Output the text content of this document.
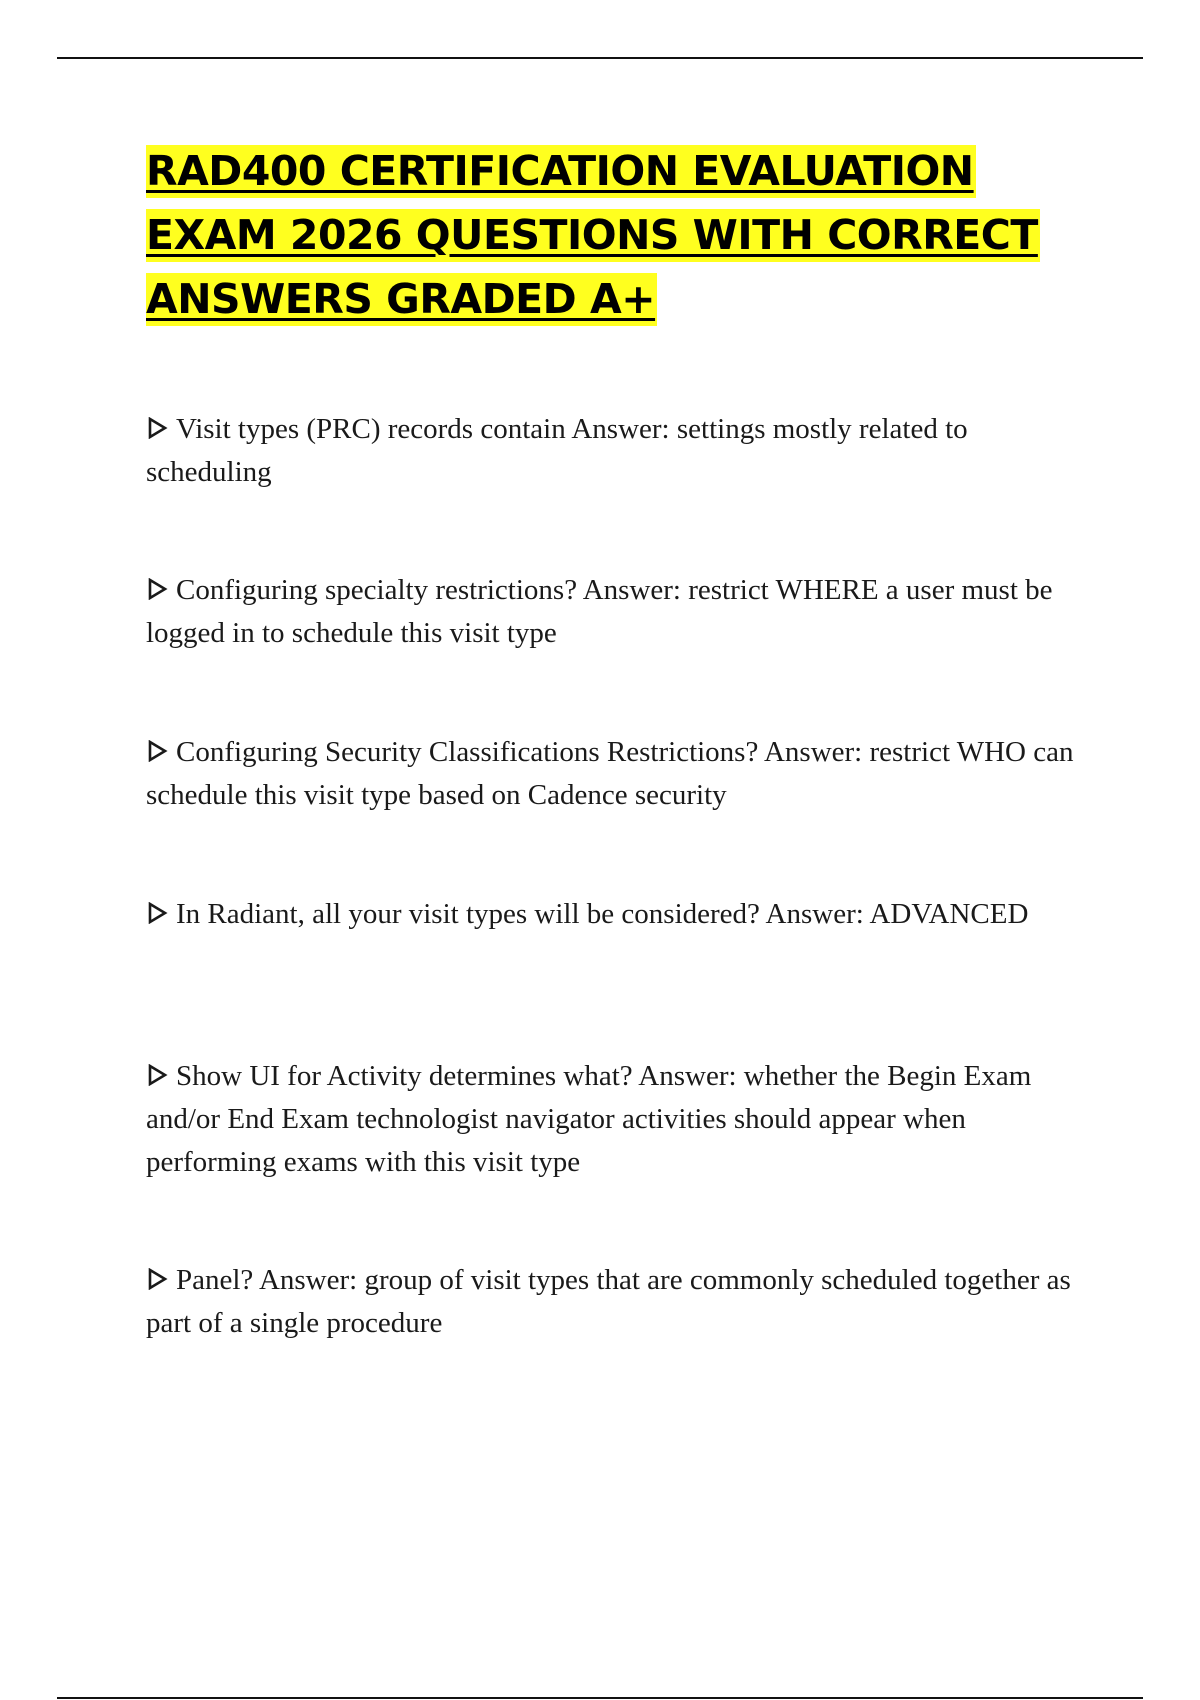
RAD400 CERTIFICATION EVALUATION
EXAM 2026 QUESTIONS WITH CORRECT
ANSWERS GRADED A+
Visit types (PRC) records contain Answer: settings mostly related to scheduling
Configuring specialty restrictions? Answer: restrict WHERE a user must be logged in to schedule this visit type
Configuring Security Classifications Restrictions? Answer: restrict WHO can schedule this visit type based on Cadence security
In Radiant, all your visit types will be considered? Answer: ADVANCED
Show UI for Activity determines what? Answer: whether the Begin Exam and/or End Exam technologist navigator activities should appear when performing exams with this visit type
Panel? Answer: group of visit types that are commonly scheduled together as part of a single procedure
